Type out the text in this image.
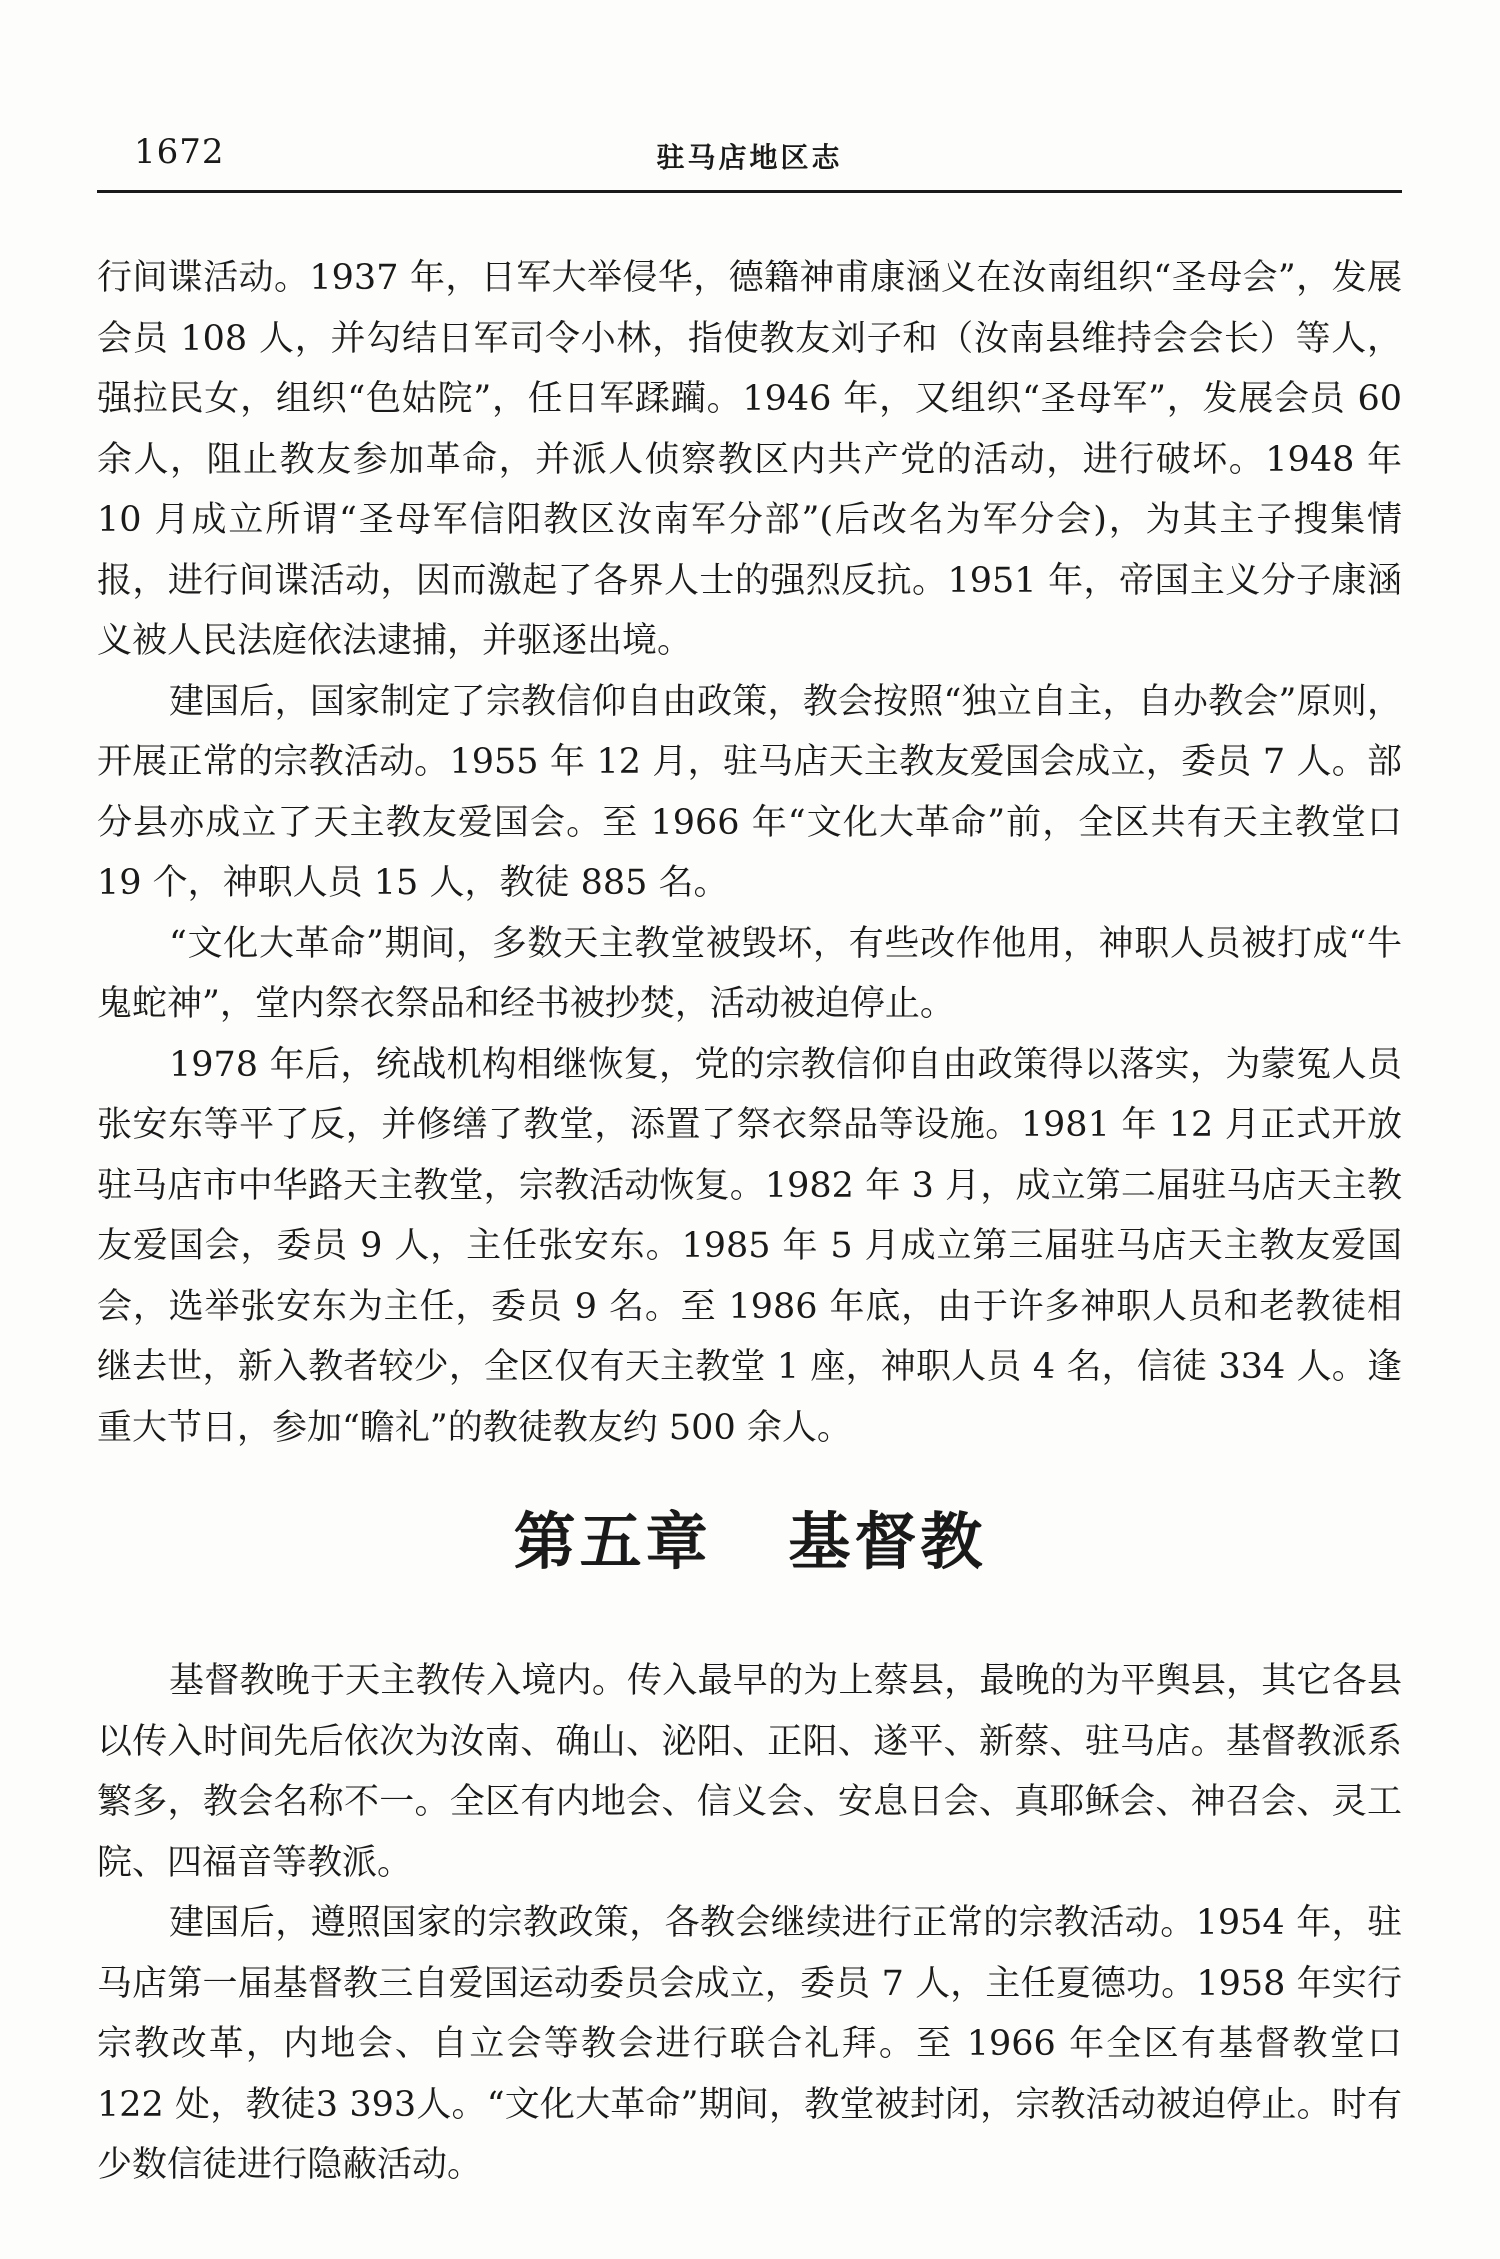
1672	驻马店地区志

行间谍活动。1937 年，日军大举侵华，德籍神甫康涵义在汝南组织“圣母会”，发展会员 108 人，并勾结日军司令小林，指使教友刘子和（汝南县维持会会长）等人，强拉民女，组织“色姑院”，任日军蹂躏。1946 年，又组织“圣母军”，发展会员 60 余人，阻止教友参加革命，并派人侦察教区内共产党的活动，进行破坏。1948 年 10 月成立所谓“圣母军信阳教区汝南军分部”(后改名为军分会)，为其主子搜集情报，进行间谍活动，因而激起了各界人士的强烈反抗。1951 年，帝国主义分子康涵义被人民法庭依法逮捕，并驱逐出境。

建国后，国家制定了宗教信仰自由政策，教会按照“独立自主，自办教会”原则，开展正常的宗教活动。1955 年 12 月，驻马店天主教友爱国会成立，委员 7 人。部分县亦成立了天主教友爱国会。至 1966 年“文化大革命”前，全区共有天主教堂口 19 个，神职人员 15 人，教徒 885 名。

“文化大革命”期间，多数天主教堂被毁坏，有些改作他用，神职人员被打成“牛鬼蛇神”，堂内祭衣祭品和经书被抄焚，活动被迫停止。

1978 年后，统战机构相继恢复，党的宗教信仰自由政策得以落实，为蒙冤人员张安东等平了反，并修缮了教堂，添置了祭衣祭品等设施。1981 年 12 月正式开放驻马店市中华路天主教堂，宗教活动恢复。1982 年 3 月，成立第二届驻马店天主教友爱国会，委员 9 人，主任张安东。1985 年 5 月成立第三届驻马店天主教友爱国会，选举张安东为主任，委员 9 名。至 1986 年底，由于许多神职人员和老教徒相继去世，新入教者较少，全区仅有天主教堂 1 座，神职人员 4 名，信徒 334 人。逢重大节日，参加“瞻礼”的教徒教友约 500 余人。

第五章   基督教

基督教晚于天主教传入境内。传入最早的为上蔡县，最晚的为平舆县，其它各县以传入时间先后依次为汝南、确山、泌阳、正阳、遂平、新蔡、驻马店。基督教派系繁多，教会名称不一。全区有内地会、信义会、安息日会、真耶稣会、神召会、灵工院、四福音等教派。

建国后，遵照国家的宗教政策，各教会继续进行正常的宗教活动。1954 年，驻马店第一届基督教三自爱国运动委员会成立，委员 7 人，主任夏德功。1958 年实行宗教改革，内地会、自立会等教会进行联合礼拜。至 1966 年全区有基督教堂口 122 处，教徒3 393人。“文化大革命”期间，教堂被封闭，宗教活动被迫停止。时有少数信徒进行隐蔽活动。
